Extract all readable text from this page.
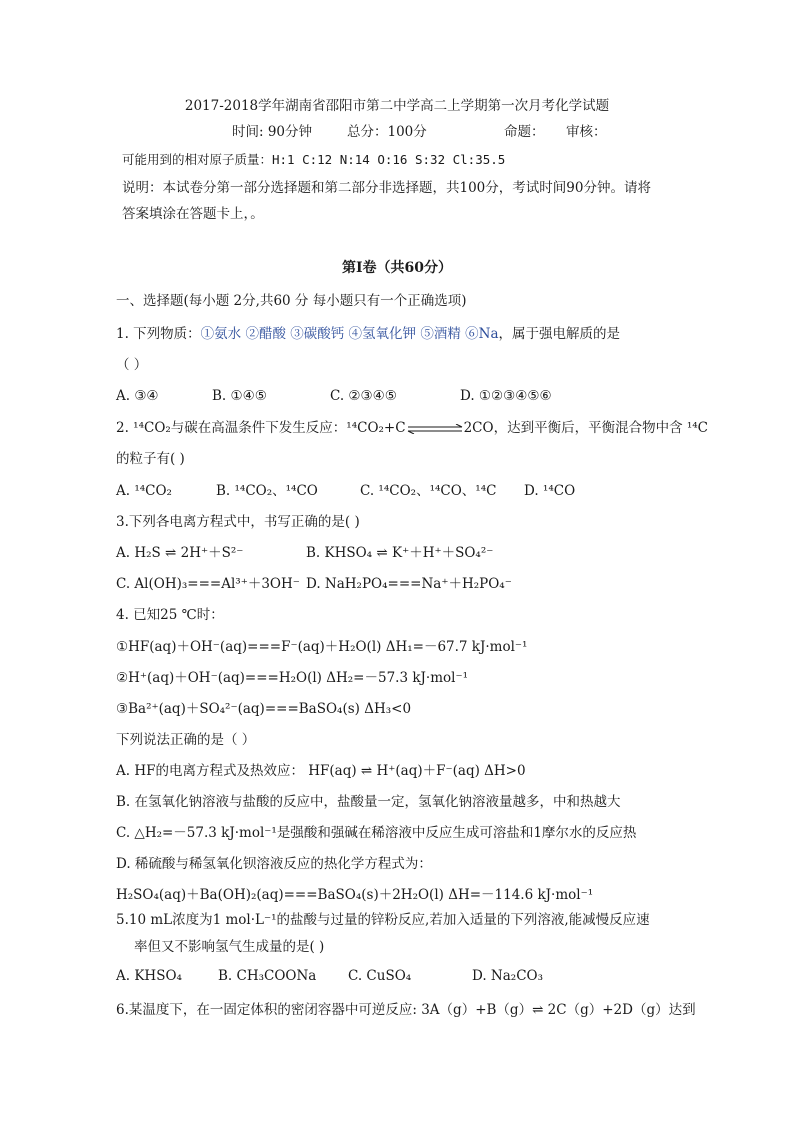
2017-2018学年湖南省邵阳市第二中学高二上学期第一次月考化学试题
时间: 90分钟	总分：100分	命题： 审核：
可能用到的相对原子质量：H:1 C:12 N:14 O:16 S:32 Cl:35.5
说明：本试卷分第一部分选择题和第二部分非选择题，共100分，考试时间90分钟。请将
答案填涂在答题卡上，。
第Ⅰ卷（共60分）
一、选择题(每小题 2分,共60 分 每小题只有一个正确选项)
1. 下列物质：①氨水 ②醋酸 ③碳酸钙 ④氢氧化钾 ⑤酒精 ⑥Na，属于强电解质的是
（ ）
A. ③④	B. ①④⑤	C. ②③④⑤	D. ①②③④⑤⑥
2. ¹⁴CO₂与碳在高温条件下发生反应：¹⁴CO₂+C	2CO，达到平衡后，平衡混合物中含 ¹⁴C
的粒子有( )
A. ¹⁴CO₂	B. ¹⁴CO₂、¹⁴CO	C. ¹⁴CO₂、¹⁴CO、¹⁴C D. ¹⁴CO
3.下列各电离方程式中，书写正确的是( )
A. H₂S ⇌ 2H⁺＋S²⁻	B. KHSO₄ ⇌ K⁺＋H⁺＋SO₄²⁻
C. Al(OH)₃===Al³⁺＋3OH⁻ D. NaH₂PO₄===Na⁺＋H₂PO₄⁻
4. 已知25 ℃时：
①HF(aq)＋OH⁻(aq)===F⁻(aq)＋H₂O(l) ΔH₁=－67.7 kJ·mol⁻¹
②H⁺(aq)＋OH⁻(aq)===H₂O(l) ΔH₂=－57.3 kJ·mol⁻¹
③Ba²⁺(aq)＋SO₄²⁻(aq)===BaSO₄(s) ΔH₃<0
下列说法正确的是（ ）
A. HF的电离方程式及热效应： HF(aq) ⇌ H⁺(aq)＋F⁻(aq) ΔH>0
B. 在氢氧化钠溶液与盐酸的反应中，盐酸量一定，氢氧化钠溶液量越多，中和热越大
C. △H₂=－57.3 kJ·mol⁻¹是强酸和强碱在稀溶液中反应生成可溶盐和1摩尔水的反应热
D. 稀硫酸与稀氢氧化钡溶液反应的热化学方程式为：
H₂SO₄(aq)＋Ba(OH)₂(aq)===BaSO₄(s)＋2H₂O(l) ΔH=－114.6 kJ·mol⁻¹
5.10 mL浓度为1 mol·L⁻¹的盐酸与过量的锌粉反应,若加入适量的下列溶液,能减慢反应速
率但又不影响氢气生成量的是( )
A. KHSO₄	B. CH₃COONa C. CuSO₄	D. Na₂CO₃
6.某温度下，在一固定体积的密闭容器中可逆反应: 3A（g）+B（g）⇌ 2C（g）+2D（g）达到
